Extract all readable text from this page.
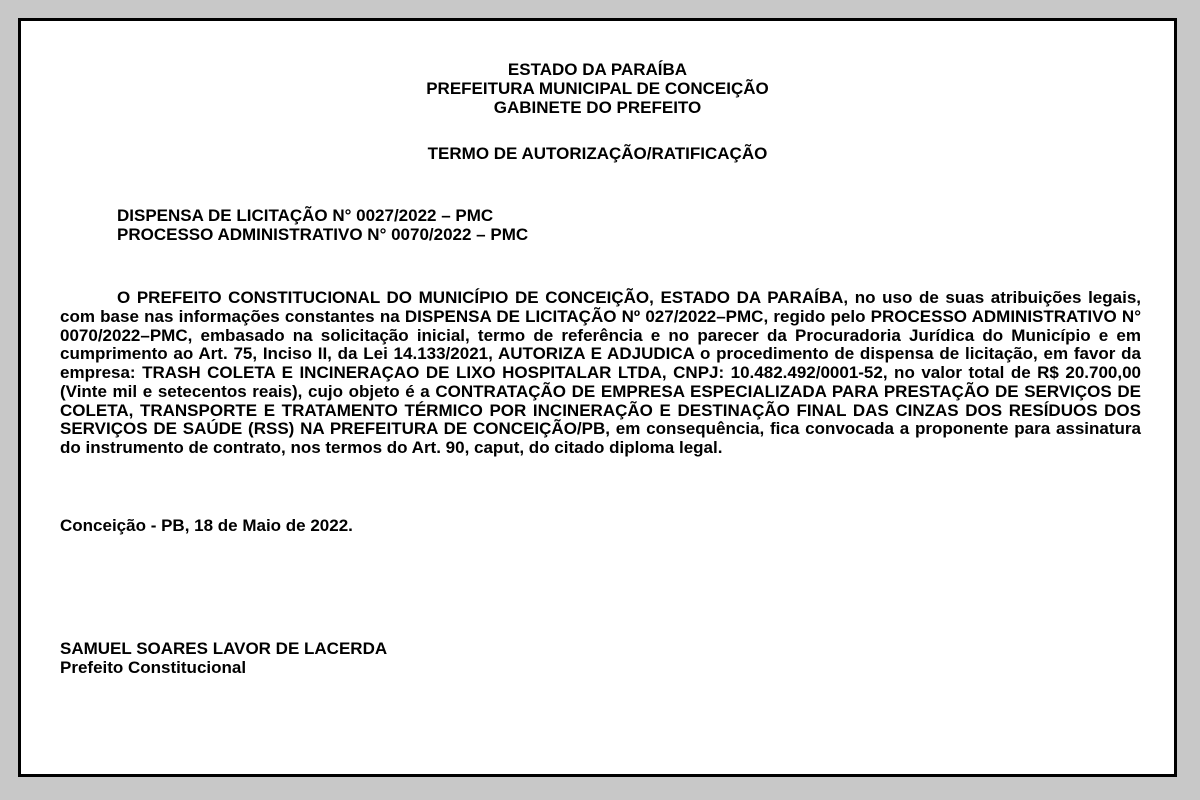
ESTADO DA PARAÍBA
PREFEITURA MUNICIPAL DE CONCEIÇÃO
GABINETE DO PREFEITO
TERMO DE AUTORIZAÇÃO/RATIFICAÇÃO
DISPENSA DE LICITAÇÃO N° 0027/2022 – PMC
PROCESSO ADMINISTRATIVO N° 0070/2022 – PMC
O PREFEITO CONSTITUCIONAL DO MUNICÍPIO DE CONCEIÇÃO, ESTADO DA PARAÍBA, no uso de suas atribuições legais, com base nas informações constantes na DISPENSA DE LICITAÇÃO Nº 027/2022–PMC, regido pelo PROCESSO ADMINISTRATIVO N° 0070/2022–PMC, embasado na solicitação inicial, termo de referência e no parecer da Procuradoria Jurídica do Município e em cumprimento ao Art. 75, Inciso II, da Lei 14.133/2021, AUTORIZA E ADJUDICA o procedimento de dispensa de licitação, em favor da empresa: TRASH COLETA E INCINERAÇAO DE LIXO HOSPITALAR LTDA, CNPJ: 10.482.492/0001-52, no valor total de R$ 20.700,00 (Vinte mil e setecentos reais), cujo objeto é a CONTRATAÇÃO DE EMPRESA ESPECIALIZADA PARA PRESTAÇÃO DE SERVIÇOS DE COLETA, TRANSPORTE E TRATAMENTO TÉRMICO POR INCINERAÇÃO E DESTINAÇÃO FINAL DAS CINZAS DOS RESÍDUOS DOS SERVIÇOS DE SAÚDE (RSS) NA PREFEITURA DE CONCEIÇÃO/PB, em consequência, fica convocada a proponente para assinatura do instrumento de contrato, nos termos do Art. 90, caput, do citado diploma legal.
Conceição - PB, 18 de Maio de 2022.
SAMUEL SOARES LAVOR DE LACERDA
Prefeito Constitucional
